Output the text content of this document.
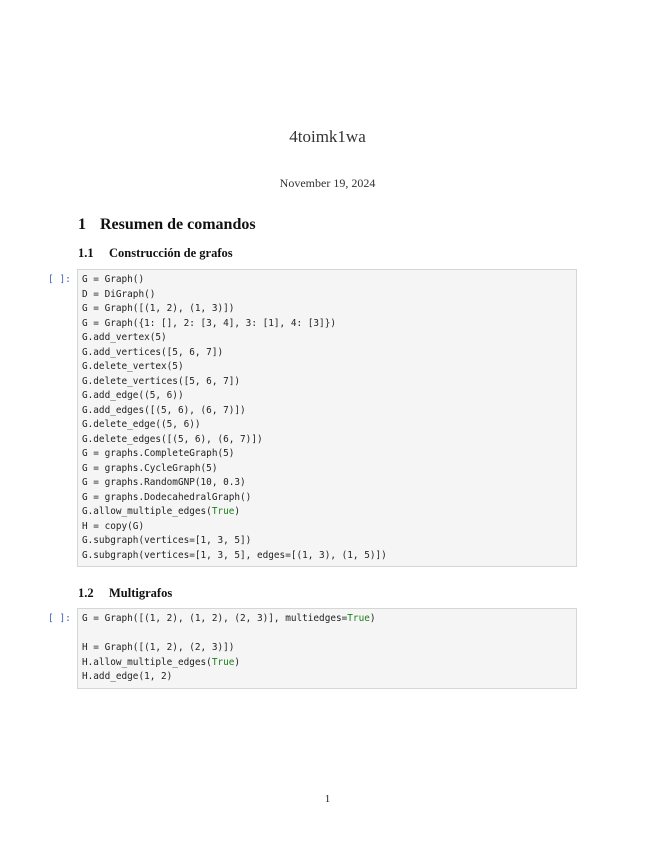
4toimk1wa
November 19, 2024
1 Resumen de comandos
1.1 Construcción de grafos
[ ]: G = Graph()
D = DiGraph()
G = Graph([(1, 2), (1, 3)])
G = Graph({1: [], 2: [3, 4], 3: [1], 4: [3]})
G.add_vertex(5)
G.add_vertices([5, 6, 7])
G.delete_vertex(5)
G.delete_vertices([5, 6, 7])
G.add_edge((5, 6))
G.add_edges([(5, 6), (6, 7)])
G.delete_edge((5, 6))
G.delete_edges([(5, 6), (6, 7)])
G = graphs.CompleteGraph(5)
G = graphs.CycleGraph(5)
G = graphs.RandomGNP(10, 0.3)
G = graphs.DodecahedralGraph()
G.allow_multiple_edges(True)
H = copy(G)
G.subgraph(vertices=[1, 3, 5])
G.subgraph(vertices=[1, 3, 5], edges=[(1, 3), (1, 5)])
1.2 Multigrafos
[ ]: G = Graph([(1, 2), (1, 2), (2, 3)], multiedges=True)
H = Graph([(1, 2), (2, 3)])
H.allow_multiple_edges(True)
H.add_edge(1, 2)
1
